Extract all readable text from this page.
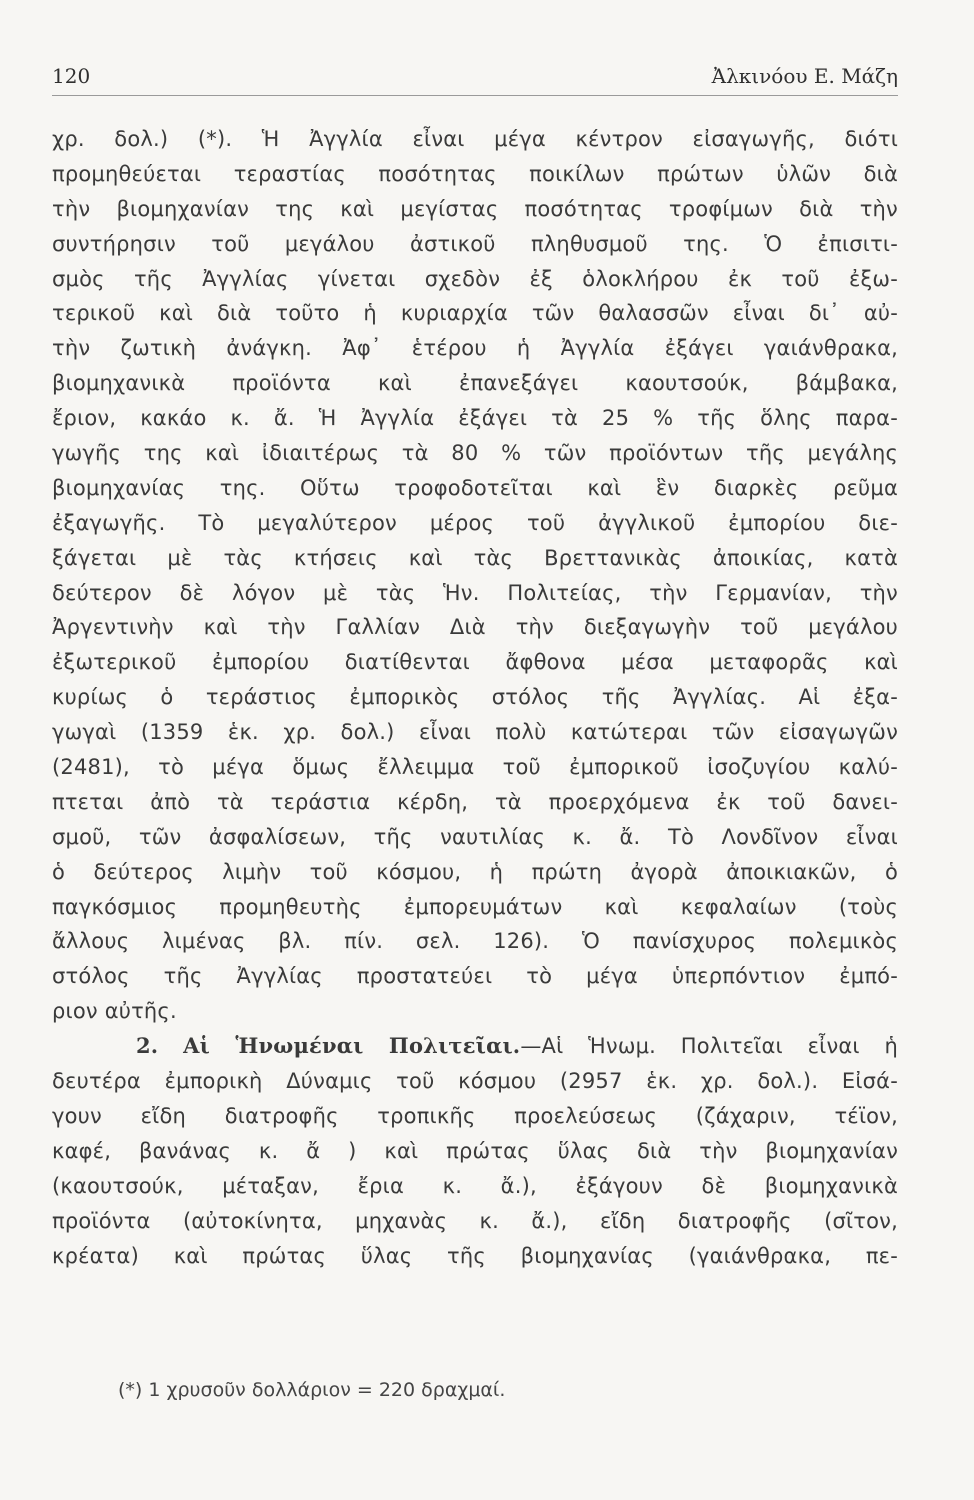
120	Ἀλκινόου Ε. Μάζη
χρ. δολ.) (*). Ἡ Ἀγγλία εἶναι μέγα κέντρον εἰσαγωγῆς, διότι
προμηθεύεται τεραστίας ποσότητας ποικίλων πρώτων ὑλῶν διὰ
τὴν βιομηχανίαν της καὶ μεγίστας ποσότητας τροφίμων διὰ τὴν
συντήρησιν τοῦ μεγάλου ἀστικοῦ πληθυσμοῦ της. Ὁ ἐπισιτι-
σμὸς τῆς Ἀγγλίας γίνεται σχεδὸν ἐξ ὁλοκλήρου ἐκ τοῦ ἐξω-
τερικοῦ καὶ διὰ τοῦτο ἡ κυριαρχία τῶν θαλασσῶν εἶναι δι᾽ αὐ-
τὴν ζωτικὴ ἀνάγκη. Ἀφ᾽ ἑτέρου ἡ Ἀγγλία ἐξάγει γαιάνθρακα,
βιομηχανικὰ προϊόντα καὶ ἐπανεξάγει καουτσούκ, βάμβακα,
ἔριον, κακάο κ. ἄ. Ἡ Ἀγγλία ἐξάγει τὰ 25 % τῆς ὅλης παρα-
γωγῆς της καὶ ἰδιαιτέρως τὰ 80 % τῶν προϊόντων τῆς μεγάλης
βιομηχανίας της. Οὕτω τροφοδοτεῖται καὶ ἓν διαρκὲς ρεῦμα
ἐξαγωγῆς. Τὸ μεγαλύτερον μέρος τοῦ ἀγγλικοῦ ἐμπορίου διε-
ξάγεται μὲ τὰς κτήσεις καὶ τὰς Βρεττανικὰς ἀποικίας, κατὰ
δεύτερον δὲ λόγον μὲ τὰς Ἡν. Πολιτείας, τὴν Γερμανίαν, τὴν
Ἀργεντινὴν καὶ τὴν Γαλλίαν Διὰ τὴν διεξαγωγὴν τοῦ μεγάλου
ἐξωτερικοῦ ἐμπορίου διατίθενται ἄφθονα μέσα μεταφορᾶς καὶ
κυρίως ὁ τεράστιος ἐμπορικὸς στόλος τῆς Ἀγγλίας. Αἱ ἐξα-
γωγαὶ (1359 ἑκ. χρ. δολ.) εἶναι πολὺ κατώτεραι τῶν εἰσαγωγῶν
(2481), τὸ μέγα ὅμως ἔλλειμμα τοῦ ἐμπορικοῦ ἰσοζυγίου καλύ-
πτεται ἀπὸ τὰ τεράστια κέρδη, τὰ προερχόμενα ἐκ τοῦ δανει-
σμοῦ, τῶν ἀσφαλίσεων, τῆς ναυτιλίας κ. ἄ. Τὸ Λονδῖνον εἶναι
ὁ δεύτερος λιμὴν τοῦ κόσμου, ἡ πρώτη ἀγορὰ ἀποικιακῶν, ὁ
παγκόσμιος προμηθευτὴς ἐμπορευμάτων καὶ κεφαλαίων (τοὺς
ἄλλους λιμένας βλ. πίν. σελ. 126). Ὁ πανίσχυρος πολεμικὸς
στόλος τῆς Ἀγγλίας προστατεύει τὸ μέγα ὑπερπόντιον ἐμπό-
ριον αὐτῆς.
2. Αἱ Ἡνωμέναι Πολιτεῖαι.—Αἱ Ἡνωμ. Πολιτεῖαι εἶναι ἡ
δευτέρα ἐμπορικὴ Δύναμις τοῦ κόσμου (2957 ἑκ. χρ. δολ.). Εἰσά-
γουν εἴδη διατροφῆς τροπικῆς προελεύσεως (ζάχαριν, τέϊον,
καφέ, βανάνας κ. ἄ ) καὶ πρώτας ὕλας διὰ τὴν βιομηχανίαν
(καουτσούκ, μέταξαν, ἔρια κ. ἄ.), ἐξάγουν δὲ βιομηχανικὰ
προϊόντα (αὐτοκίνητα, μηχανὰς κ. ἄ.), εἴδη διατροφῆς (σῖτον,
κρέατα) καὶ πρώτας ὕλας τῆς βιομηχανίας (γαιάνθρακα, πε-
(*) 1 χρυσοῦν δολλάριον = 220 δραχμαί.
